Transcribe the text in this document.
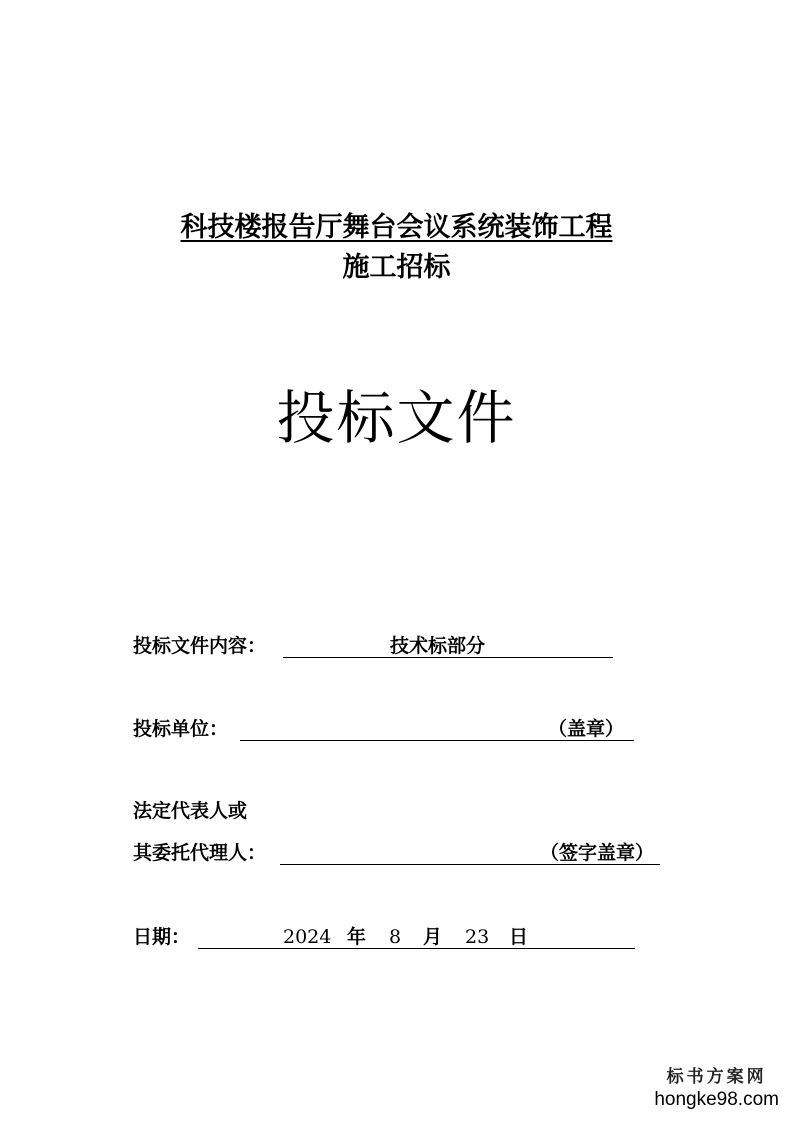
科技楼报告厅舞台会议系统装饰工程
施工招标
投标文件
投标文件内容：	技术标部分
投标单位：	（盖章）
法定代表人或
其委托代理人：	（签字盖章）
日期：	2024 年 8 月 23 日
标书方案网
hongke98.com
